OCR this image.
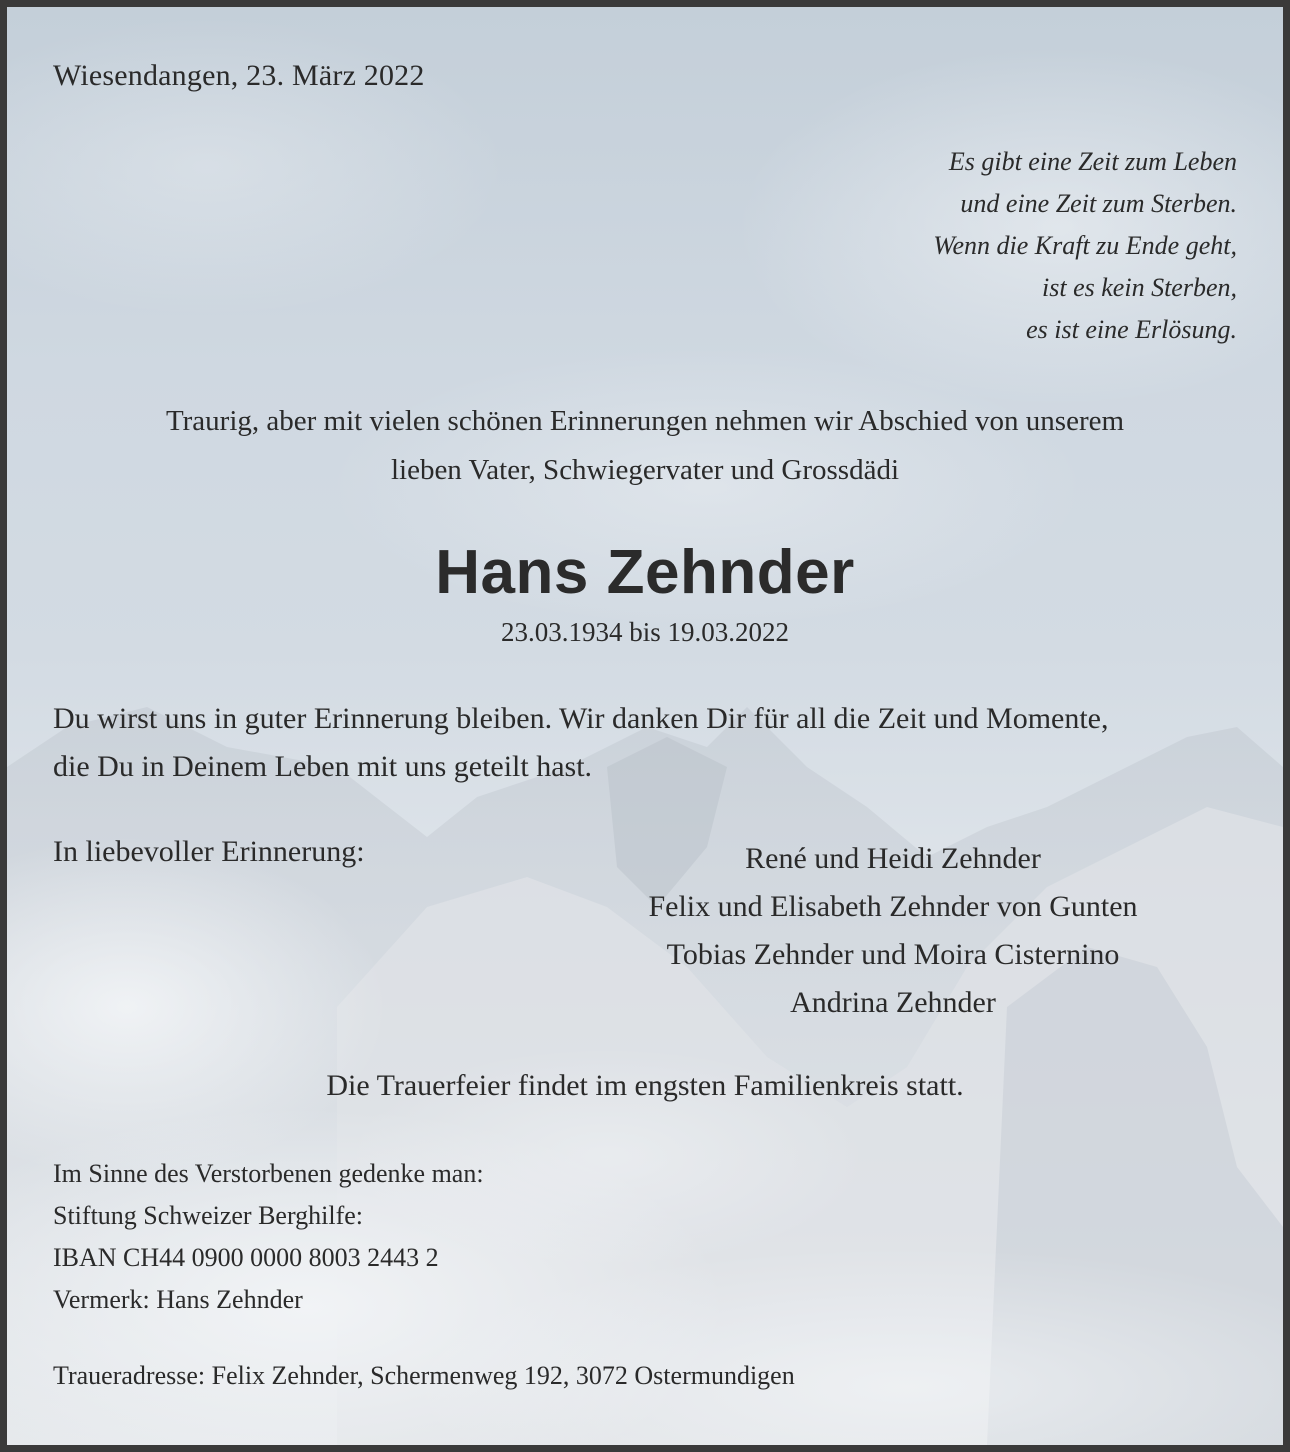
Wiesendangen, 23. März 2022
Es gibt eine Zeit zum Leben
und eine Zeit zum Sterben.
Wenn die Kraft zu Ende geht,
ist es kein Sterben,
es ist eine Erlösung.
Traurig, aber mit vielen schönen Erinnerungen nehmen wir Abschied von unserem
lieben Vater, Schwiegervater und Grossdädi
Hans Zehnder
23.03.1934 bis 19.03.2022
Du wirst uns in guter Erinnerung bleiben. Wir danken Dir für all die Zeit und Momente,
die Du in Deinem Leben mit uns geteilt hast.
In liebevoller Erinnerung:	René und Heidi Zehnder
Felix und Elisabeth Zehnder von Gunten
Tobias Zehnder und Moira Cisternino
Andrina Zehnder
Die Trauerfeier findet im engsten Familienkreis statt.
Im Sinne des Verstorbenen gedenke man:
Stiftung Schweizer Berghilfe:
IBAN CH44 0900 0000 8003 2443 2
Vermerk: Hans Zehnder
Traueradresse: Felix Zehnder, Schermenweg 192, 3072 Ostermundigen
